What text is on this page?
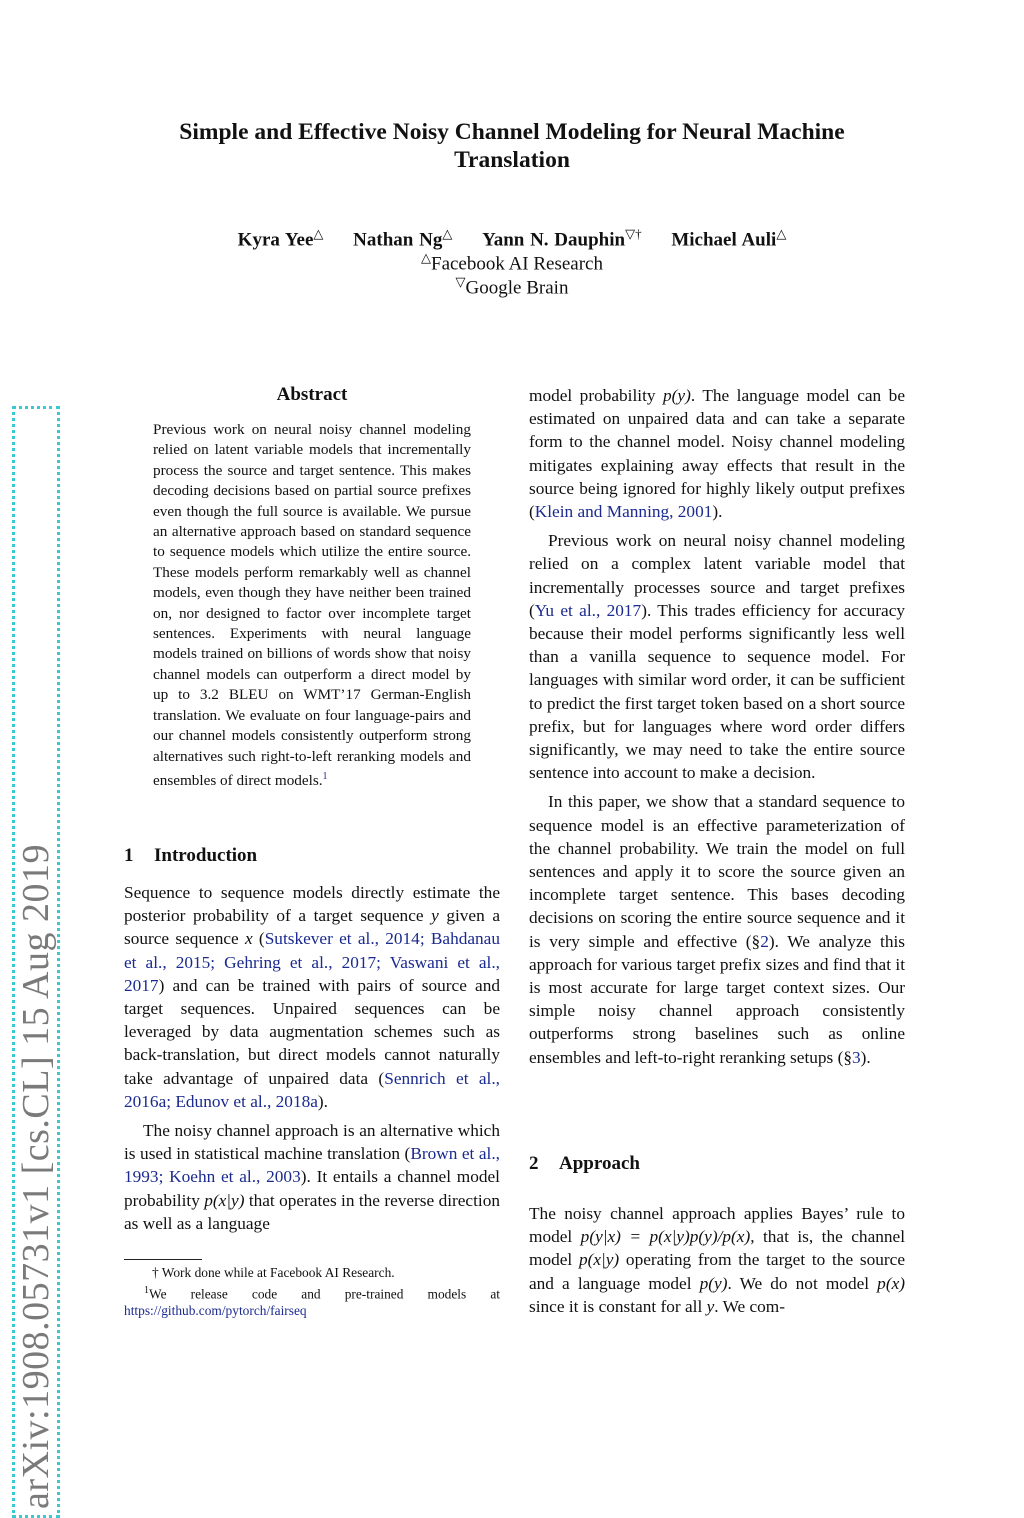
Simple and Effective Noisy Channel Modeling for Neural Machine
Translation
Kyra Yee△ Nathan Ng△ Yann N. Dauphin▽† Michael Auli△
△Facebook AI Research
▽Google Brain
arXiv:1908.05731v1 [cs.CL] 15 Aug 2019
Abstract
Previous work on neural noisy channel modeling relied on latent variable models that incrementally process the source and target sentence. This makes decoding decisions based on partial source prefixes even though the full source is available. We pursue an alternative approach based on standard sequence to sequence models which utilize the entire source. These models perform remarkably well as channel models, even though they have neither been trained on, nor designed to factor over incomplete target sentences. Experiments with neural language models trained on billions of words show that noisy channel models can outperform a direct model by up to 3.2 BLEU on WMT’17 German-English translation. We evaluate on four language-pairs and our channel models consistently outperform strong alternatives such right-to-left reranking models and ensembles of direct models.$^1$
1 Introduction

Sequence to sequence models directly estimate the posterior probability of a target sequence y given a source sequence x (Sutskever et al., 2014; Bahdanau et al., 2015; Gehring et al., 2017; Vaswani et al., 2017) and can be trained with pairs of source and target sequences. Unpaired sequences can be leveraged by data augmentation schemes such as back-translation, but direct models cannot naturally take advantage of unpaired data (Sennrich et al., 2016a; Edunov et al., 2018a).

The noisy channel approach is an alternative which is used in statistical machine translation (Brown et al., 1993; Koehn et al., 2003). It entails a channel model probability p(x|y) that operates in the reverse direction as well as a language

† Work done while at Facebook AI Research.
$^1$We release code and pre-trained models at
https://github.com/pytorch/fairseq

model probability p(y). The language model can be estimated on unpaired data and can take a separate form to the channel model. Noisy channel modeling mitigates explaining away effects that result in the source being ignored for highly likely output prefixes (Klein and Manning, 2001).

Previous work on neural noisy channel modeling relied on a complex latent variable model that incrementally processes source and target prefixes (Yu et al., 2017). This trades efficiency for accuracy because their model performs significantly less well than a vanilla sequence to sequence model. For languages with similar word order, it can be sufficient to predict the first target token based on a short source prefix, but for languages where word order differs significantly, we may need to take the entire source sentence into account to make a decision.

In this paper, we show that a standard sequence to sequence model is an effective parameterization of the channel probability. We train the model on full sentences and apply it to score the source given an incomplete target sentence. This bases decoding decisions on scoring the entire source sequence and it is very simple and effective (§2). We analyze this approach for various target prefix sizes and find that it is most accurate for large target context sizes. Our simple noisy channel approach consistently outperforms strong baselines such as online ensembles and left-to-right reranking setups (§3).

2 Approach

The noisy channel approach applies Bayes’ rule to model p(y|x) = p(x|y)p(y)/p(x), that is, the channel model p(x|y) operating from the target to the source and a language model p(y). We do not model p(x) since it is constant for all y. We com-
